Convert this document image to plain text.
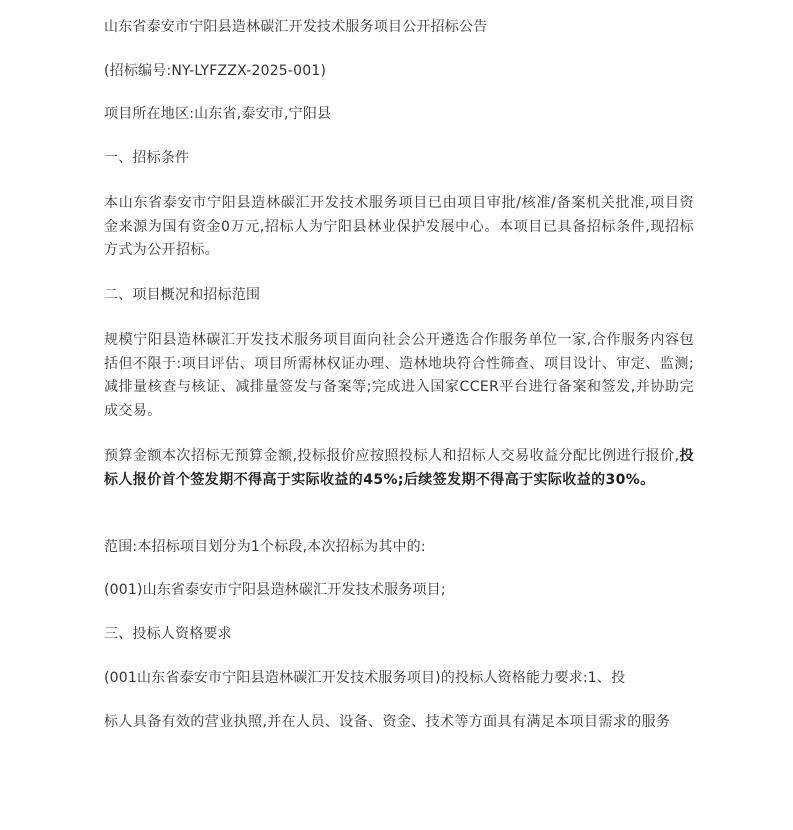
山东省泰安市宁阳县造林碳汇开发技术服务项目公开招标公告
(招标编号:NY-LYFZZX-2025-001)
项目所在地区:山东省,泰安市,宁阳县
一、招标条件
本山东省泰安市宁阳县造林碳汇开发技术服务项目已由项目审批/核准/备案机关批准,项目资金来源为国有资金0万元,招标人为宁阳县林业保护发展中心。本项目已具备招标条件,现招标方式为公开招标。
二、项目概况和招标范围
规模宁阳县造林碳汇开发技术服务项目面向社会公开遴选合作服务单位一家,合作服务内容包括但不限于:项目评估、项目所需林权证办理、造林地块符合性筛查、项目设计、审定、监测;减排量核查与核证、减排量签发与备案等;完成进入国家CCER平台进行备案和签发,并协助完成交易。
预算金额本次招标无预算金额,投标报价应按照投标人和招标人交易收益分配比例进行报价,投标人报价首个签发期不得高于实际收益的45%;后续签发期不得高于实际收益的30%。
范围:本招标项目划分为1个标段,本次招标为其中的:
(001)山东省泰安市宁阳县造林碳汇开发技术服务项目;
三、投标人资格要求
(001山东省泰安市宁阳县造林碳汇开发技术服务项目)的投标人资格能力要求:1、投
标人具备有效的营业执照,并在人员、设备、资金、技术等方面具有满足本项目需求的服务
